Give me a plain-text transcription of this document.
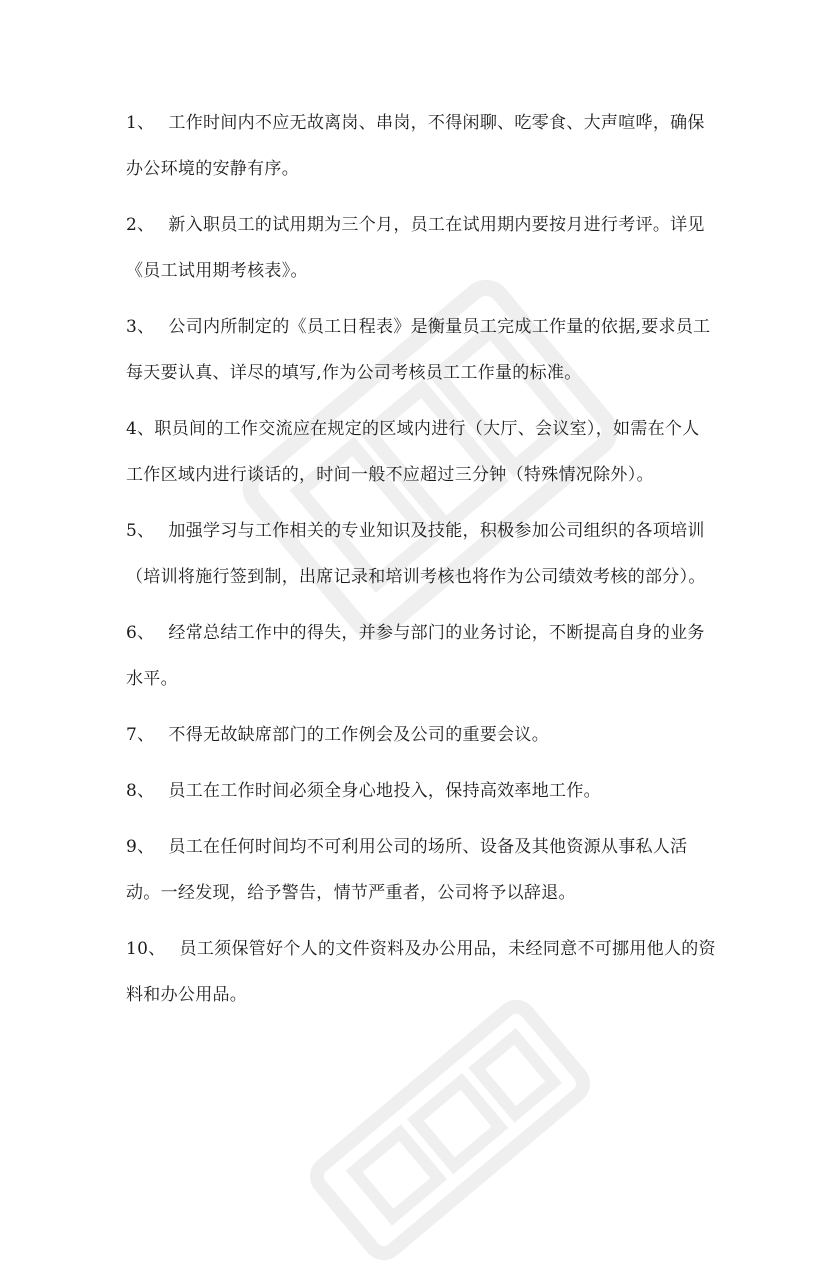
1、 工作时间内不应无故离岗、串岗，不得闲聊、吃零食、大声喧哗，确保办公环境的安静有序。

2、 新入职员工的试用期为三个月，员工在试用期内要按月进行考评。详见《员工试用期考核表》。

3、 公司内所制定的《员工日程表》是衡量员工完成工作量的依据,要求员工每天要认真、详尽的填写,作为公司考核员工工作量的标准。

4、职员间的工作交流应在规定的区域内进行（大厅、会议室），如需在个人工作区域内进行谈话的，时间一般不应超过三分钟（特殊情况除外）。

5、 加强学习与工作相关的专业知识及技能，积极参加公司组织的各项培训（培训将施行签到制，出席记录和培训考核也将作为公司绩效考核的部分）。

6、 经常总结工作中的得失，并参与部门的业务讨论，不断提高自身的业务水平。

7、 不得无故缺席部门的工作例会及公司的重要会议。

8、 员工在工作时间必须全身心地投入，保持高效率地工作。

9、 员工在任何时间均不可利用公司的场所、设备及其他资源从事私人活动。一经发现，给予警告，情节严重者，公司将予以辞退。

10、 员工须保管好个人的文件资料及办公用品，未经同意不可挪用他人的资料和办公用品。
